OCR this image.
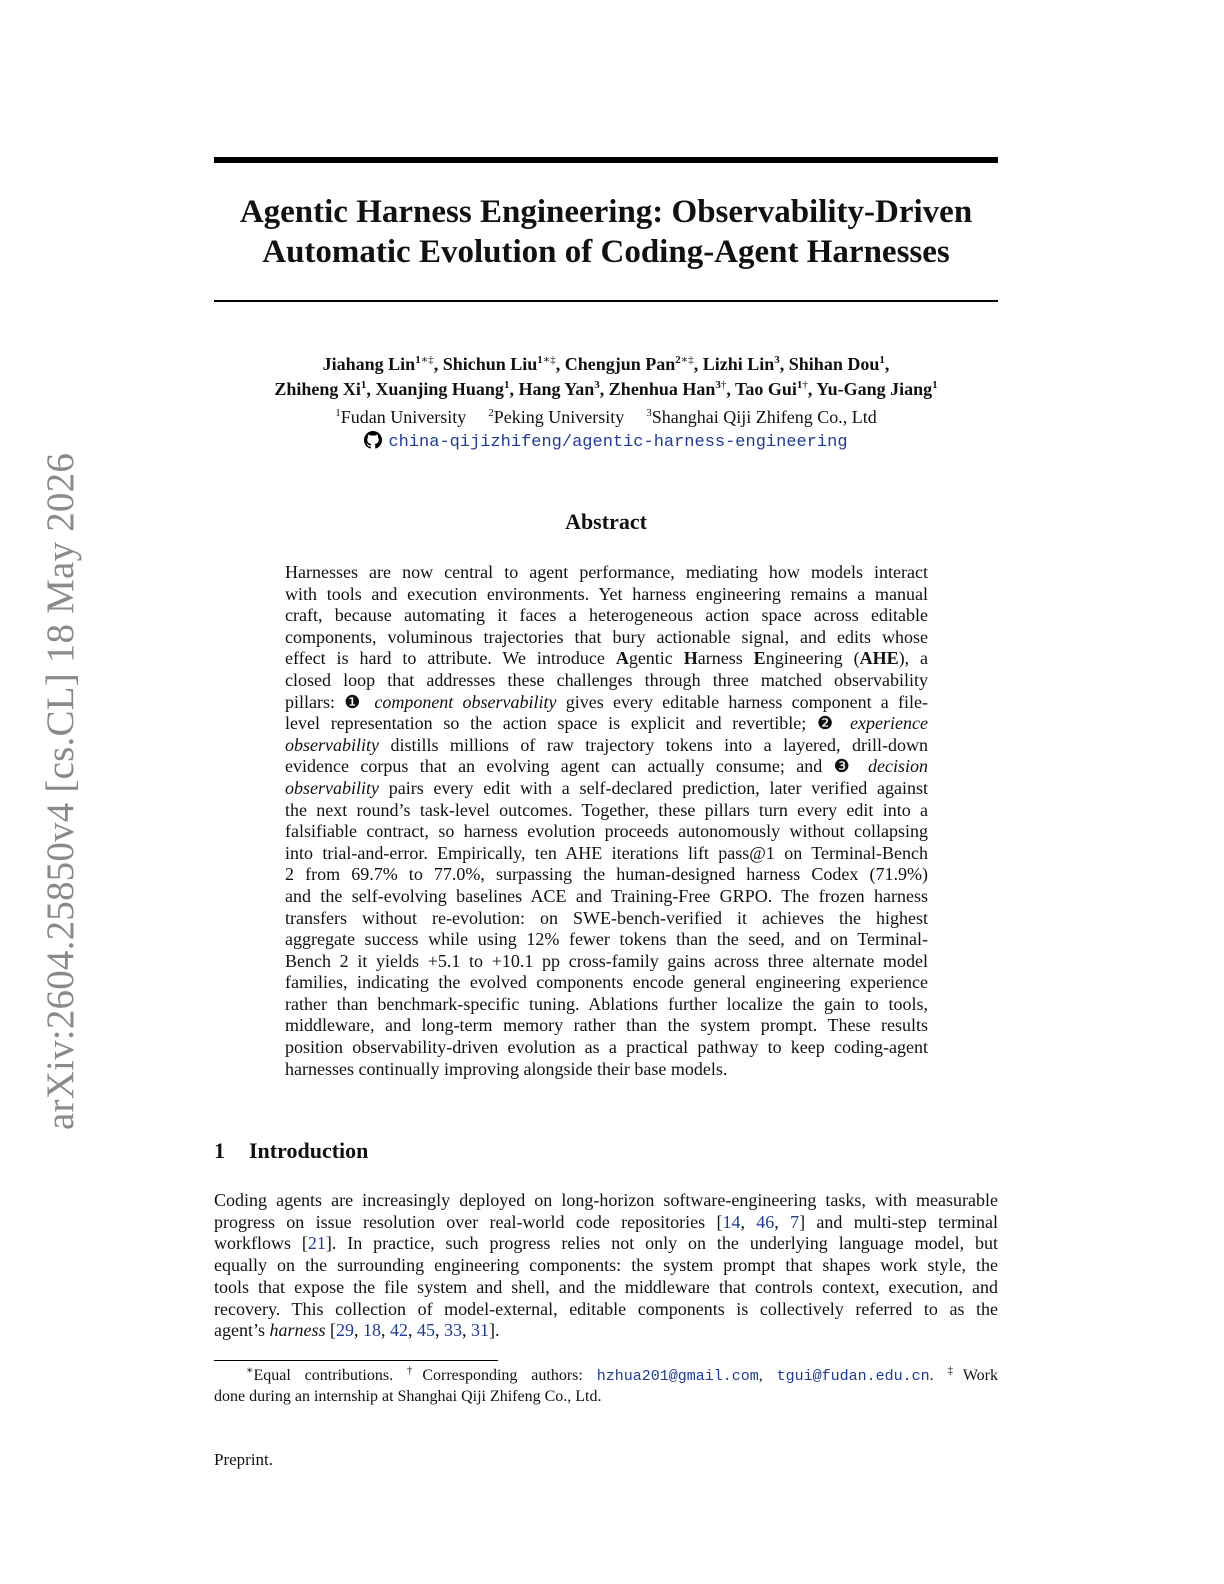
arXiv:2604.25850v4 [cs.CL] 18 May 2026
Agentic Harness Engineering: Observability-Driven
Automatic Evolution of Coding-Agent Harnesses
Jiahang Lin$^{1∗\ddagger}$, Shichun Liu$^{1∗\ddagger}$, Chengjun Pan$^{2∗\ddagger}$, Lizhi Lin$^3$, Shihan Dou$^1$,
Zhiheng Xi$^1$, Xuanjing Huang$^1$, Hang Yan$^3$, Zhenhua Han$^{3\dagger}$, Tao Gui$^{1\dagger}$, Yu-Gang Jiang$^1$
$^1$Fudan University $^2$Peking University $^3$Shanghai Qiji Zhifeng Co., Ltd
china-qijizhifeng/agentic-harness-engineering
Abstract
Harnesses are now central to agent performance, mediating how models interact
with tools and execution environments. Yet harness engineering remains a manual
craft, because automating it faces a heterogeneous action space across editable
components, voluminous trajectories that bury actionable signal, and edits whose
effect is hard to attribute. We introduce Agentic Harness Engineering (AHE), a
closed loop that addresses these challenges through three matched observability
pillars: ❶ component observability gives every editable harness component a file-
level representation so the action space is explicit and revertible; ❷ experience
observability distills millions of raw trajectory tokens into a layered, drill-down
evidence corpus that an evolving agent can actually consume; and ❸ decision
observability pairs every edit with a self-declared prediction, later verified against
the next round’s task-level outcomes. Together, these pillars turn every edit into a
falsifiable contract, so harness evolution proceeds autonomously without collapsing
into trial-and-error. Empirically, ten AHE iterations lift pass@1 on Terminal-Bench
2 from 69.7% to 77.0%, surpassing the human-designed harness Codex (71.9%)
and the self-evolving baselines ACE and Training-Free GRPO. The frozen harness
transfers without re-evolution: on SWE-bench-verified it achieves the highest
aggregate success while using 12% fewer tokens than the seed, and on Terminal-
Bench 2 it yields +5.1 to +10.1 pp cross-family gains across three alternate model
families, indicating the evolved components encode general engineering experience
rather than benchmark-specific tuning. Ablations further localize the gain to tools,
middleware, and long-term memory rather than the system prompt. These results
position observability-driven evolution as a practical pathway to keep coding-agent
harnesses continually improving alongside their base models.
1 Introduction
Coding agents are increasingly deployed on long-horizon software-engineering tasks, with measurable
progress on issue resolution over real-world code repositories [14, 46, 7] and multi-step terminal
workflows [21]. In practice, such progress relies not only on the underlying language model, but
equally on the surrounding engineering components: the system prompt that shapes work style, the
tools that expose the file system and shell, and the middleware that controls context, execution, and
recovery. This collection of model-external, editable components is collectively referred to as the
agent’s harness [29, 18, 42, 45, 33, 31].
∗Equal contributions. †Corresponding authors: hzhua201@gmail.com, tgui@fudan.edu.cn. ‡Work
done during an internship at Shanghai Qiji Zhifeng Co., Ltd.
Preprint.
